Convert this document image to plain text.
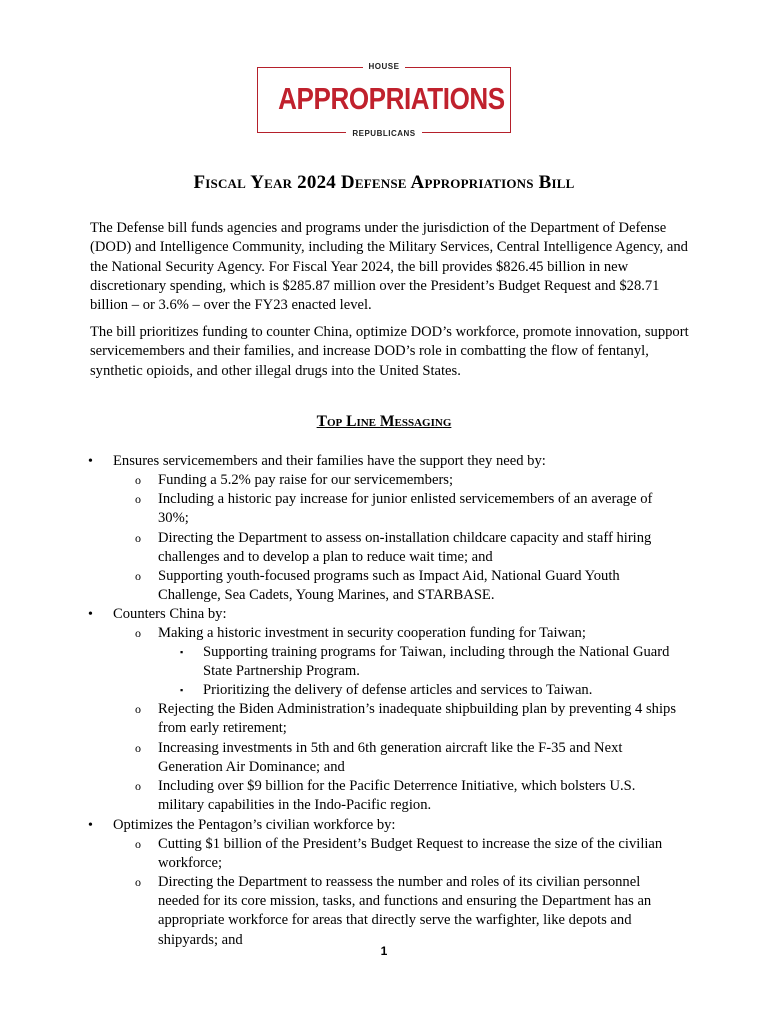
HOUSE
APPROPRIATIONS
REPUBLICANS
Fiscal Year 2024 Defense Appropriations Bill

The Defense bill funds agencies and programs under the jurisdiction of the Department of Defense (DOD) and Intelligence Community, including the Military Services, Central Intelligence Agency, and the National Security Agency. For Fiscal Year 2024, the bill provides $826.45 billion in new discretionary spending, which is $285.87 million over the President’s Budget Request and $28.71 billion – or 3.6% – over the FY23 enacted level.

The bill prioritizes funding to counter China, optimize DOD’s workforce, promote innovation, support servicemembers and their families, and increase DOD’s role in combatting the flow of fentanyl, synthetic opioids, and other illegal drugs into the United States.

Top Line Messaging
• Ensures servicemembers and their families have the support they need by:
o Funding a 5.2% pay raise for our servicemembers;
o Including a historic pay increase for junior enlisted servicemembers of an average of 30%;
o Directing the Department to assess on-installation childcare capacity and staff hiring challenges and to develop a plan to reduce wait time; and
o Supporting youth-focused programs such as Impact Aid, National Guard Youth Challenge, Sea Cadets, Young Marines, and STARBASE.
• Counters China by:
o Making a historic investment in security cooperation funding for Taiwan;
▪ Supporting training programs for Taiwan, including through the National Guard State Partnership Program.
▪ Prioritizing the delivery of defense articles and services to Taiwan.
o Rejecting the Biden Administration’s inadequate shipbuilding plan by preventing 4 ships from early retirement;
o Increasing investments in 5th and 6th generation aircraft like the F-35 and Next Generation Air Dominance; and
o Including over $9 billion for the Pacific Deterrence Initiative, which bolsters U.S. military capabilities in the Indo-Pacific region.
• Optimizes the Pentagon’s civilian workforce by:
o Cutting $1 billion of the President’s Budget Request to increase the size of the civilian workforce;
o Directing the Department to reassess the number and roles of its civilian personnel needed for its core mission, tasks, and functions and ensuring the Department has an appropriate workforce for areas that directly serve the warfighter, like depots and shipyards; and
1
